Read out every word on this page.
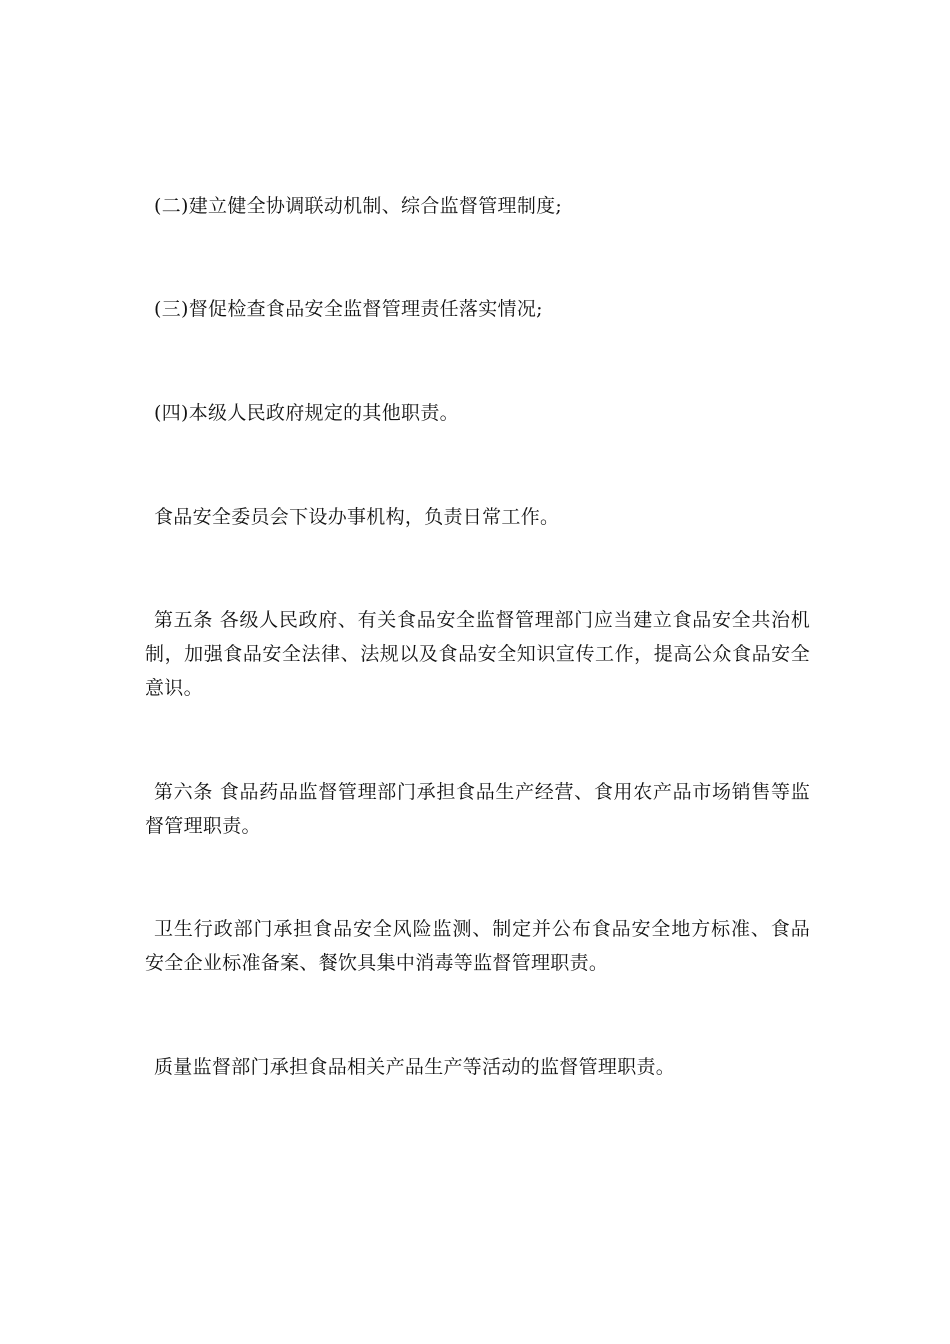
(二)建立健全协调联动机制、综合监督管理制度;

(三)督促检查食品安全监督管理责任落实情况;

(四)本级人民政府规定的其他职责。

食品安全委员会下设办事机构，负责日常工作。

第五条 各级人民政府、有关食品安全监督管理部门应当建立食品安全共治机制，加强食品安全法律、法规以及食品安全知识宣传工作，提高公众食品安全意识。

第六条 食品药品监督管理部门承担食品生产经营、食用农产品市场销售等监督管理职责。

卫生行政部门承担食品安全风险监测、制定并公布食品安全地方标准、食品安全企业标准备案、餐饮具集中消毒等监督管理职责。

质量监督部门承担食品相关产品生产等活动的监督管理职责。
